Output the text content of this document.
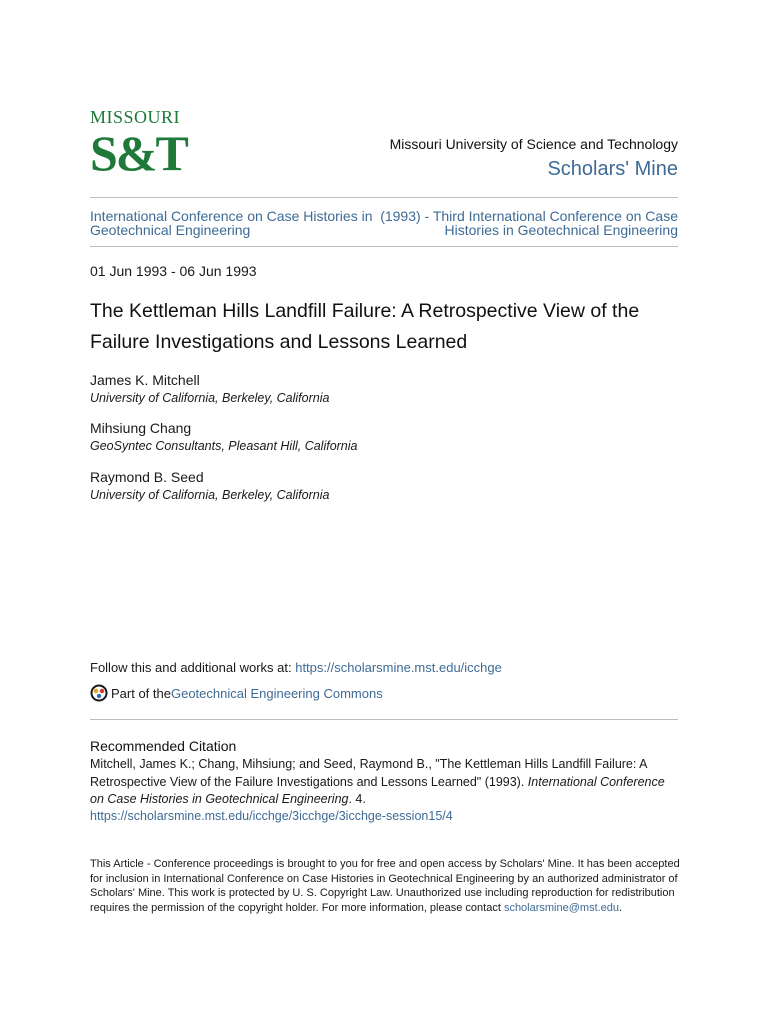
MISSOURI
S&T	Missouri University of Science and Technology
Scholars' Mine
International Conference on Case Histories in Geotechnical Engineering
(1993) - Third International Conference on Case Histories in Geotechnical Engineering
01 Jun 1993 - 06 Jun 1993
The Kettleman Hills Landfill Failure: A Retrospective View of the Failure Investigations and Lessons Learned
James K. Mitchell
University of California, Berkeley, California
Mihsiung Chang
GeoSyntec Consultants, Pleasant Hill, California
Raymond B. Seed
University of California, Berkeley, California
Follow this and additional works at: https://scholarsmine.mst.edu/icchge
Part of the Geotechnical Engineering Commons
Recommended Citation
Mitchell, James K.; Chang, Mihsiung; and Seed, Raymond B., "The Kettleman Hills Landfill Failure: A Retrospective View of the Failure Investigations and Lessons Learned" (1993). International Conference on Case Histories in Geotechnical Engineering. 4.
https://scholarsmine.mst.edu/icchge/3icchge/3icchge-session15/4
This Article - Conference proceedings is brought to you for free and open access by Scholars' Mine. It has been accepted for inclusion in International Conference on Case Histories in Geotechnical Engineering by an authorized administrator of Scholars' Mine. This work is protected by U. S. Copyright Law. Unauthorized use including reproduction for redistribution requires the permission of the copyright holder. For more information, please contact scholarsmine@mst.edu.
